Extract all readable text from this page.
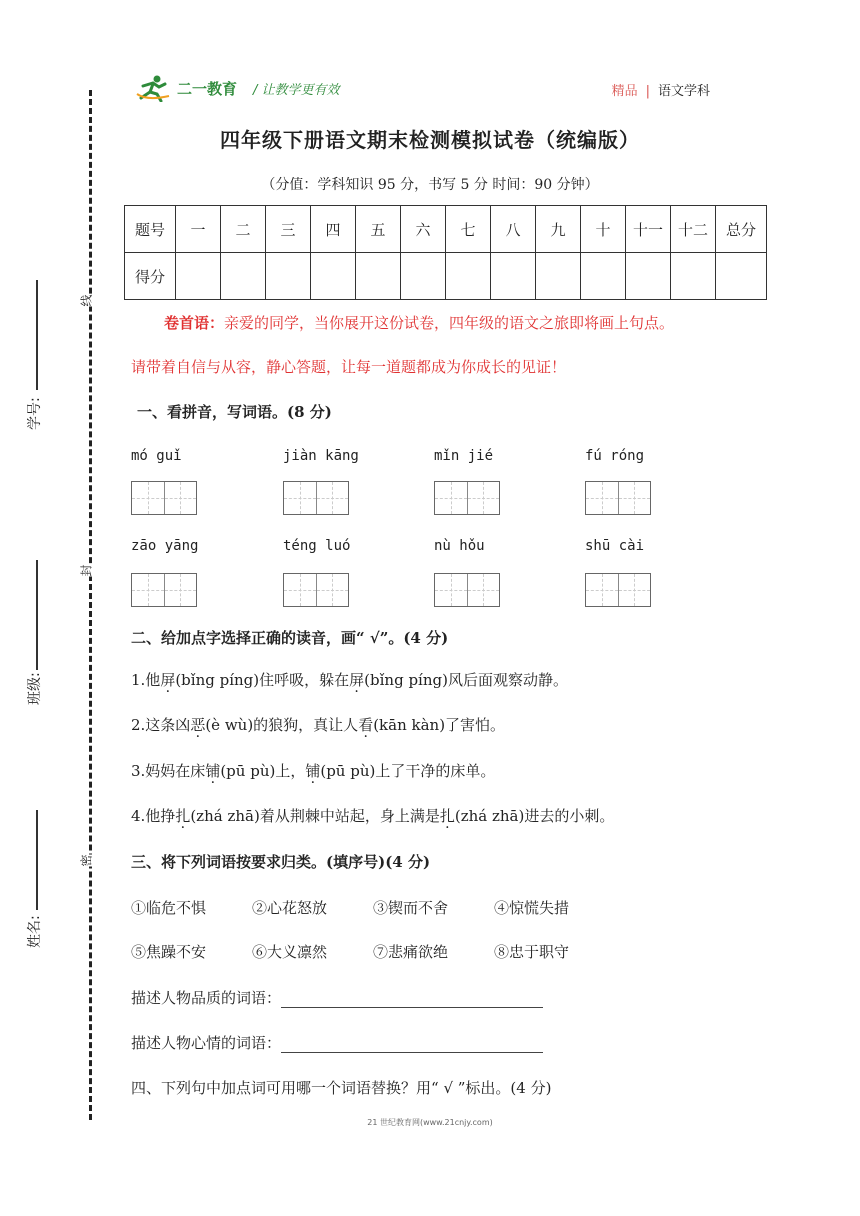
线
封
密
学号:
班级:
姓名:
二一教育 / 让教学更有效	精品 | 语文学科
四年级下册语文期末检测模拟试卷（统编版）
（分值：学科知识 95 分，书写 5 分 时间：90 分钟）
题号	一	二	三	四	五	六	七	八	九	十	十一	十二	总分
得分													
卷首语：亲爱的同学，当你展开这份试卷，四年级的语文之旅即将画上句点。
请带着自信与从容，静心答题，让每一道题都成为你成长的见证！
一、看拼音，写词语。(8 分)
mó guǐ	jiàn kāng	mǐn jié	fú róng
zāo yāng	téng luó	nù hǒu	shū cài
二、给加点字选择正确的读音，画“ √”。(4 分)
1.他屏(bǐng píng)住呼吸，躲在屏(bǐng píng)风后面观察动静。
2.这条凶恶(è wù)的狼狗，真让人看(kān kàn)了害怕。
3.妈妈在床铺(pū pù)上，铺(pū pù)上了干净的床单。
4.他挣扎(zhá zhā)着从荆棘中站起，身上满是扎(zhá zhā)进去的小刺。
三、将下列词语按要求归类。(填序号)(4 分)
①临危不惧	②心花怒放	③锲而不舍	④惊慌失措
⑤焦躁不安	⑥大义凛然	⑦悲痛欲绝	⑧忠于职守
描述人物品质的词语：
描述人物心情的词语：
四、下列句中加点词可用哪一个词语替换？用“ √ ”标出。(4 分)
21 世纪教育网(www.21cnjy.com)
